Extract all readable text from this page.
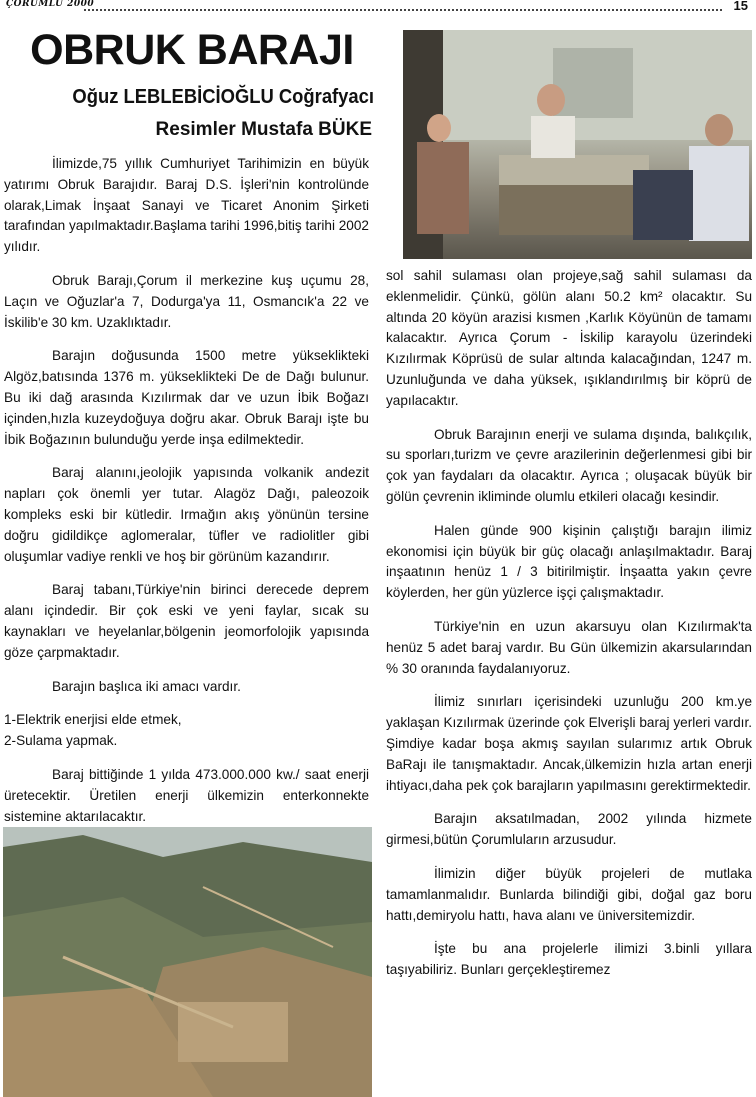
ÇORUMLU 2000	15
OBRUK BARAJI
Oğuz LEBLEBİCİOĞLU Coğrafyacı
Resimler Mustafa BÜKE

İlimizde,75 yıllık Cumhuriyet Tarihimizin en büyük yatırımı Obruk Barajıdır. Baraj D.S. İşleri'nin kontrolünde olarak,Limak İnşaat Sanayi ve Ticaret Anonim Şirketi tarafından yapılmaktadır.Başlama tarihi 1996,bitiş tarihi 2002 yılıdır.

Obruk Barajı,Çorum il merkezine kuş uçumu 28, Laçın ve Oğuzlar'a 7, Dodurga'ya 11, Osmancık'a 22 ve İskilib'e 30 km. Uzaklıktadır.

Barajın doğusunda 1500 metre yükseklikteki Algöz,batısında 1376 m. yükseklikteki De de Dağı bulunur. Bu iki dağ arasında Kızılırmak dar ve uzun İbik Boğazı içinden,hızla kuzeydoğuya doğru akar. Obruk Barajı işte bu İbik Boğazının bulunduğu yerde inşa edilmektedir.

Baraj alanını,jeolojik yapısında volkanik andezit napları çok önemli yer tutar. Alagöz Dağı, paleozoik kompleks eski bir kütledir. Irmağın akış yönünün tersine doğru gidildikçe aglomeralar, tüfler ve radiolitler gibi oluşumlar vadiye renkli ve hoş bir görünüm kazandırır.

Baraj tabanı,Türkiye'nin birinci derecede deprem alanı içindedir. Bir çok eski ve yeni faylar, sıcak su kaynakları ve heyelanlar,bölgenin jeomorfolojik yapısında göze çarpmaktadır.

Barajın başlıca iki amacı vardır.

1-Elektrik enerjisi elde etmek,
2-Sulama yapmak.

Baraj bittiğinde 1 yılda 473.000.000 kw./ saat enerji üretecektir. Üretilen enerji ülkemizin enterkonnekte sistemine aktarılacaktır.

sol sahil sulaması olan projeye,sağ sahil sulaması da eklenmelidir. Çünkü, gölün alanı 50.2 km² olacaktır. Su altında 20 köyün arazisi kısmen ,Karlık Köyünün de tamamı kalacaktır. Ayrıca Çorum - İskilip karayolu üzerindeki Kızılırmak Köprüsü de sular altında kalacağından, 1247 m. Uzunluğunda ve daha yüksek, ışıklandırılmış bir köprü de yapılacaktır.

Obruk Barajının enerji ve sulama dışında, balıkçılık, su sporları,turizm ve çevre arazilerinin değerlenmesi gibi bir çok yan faydaları da olacaktır. Ayrıca ; oluşacak büyük bir gölün çevrenin ikliminde olumlu etkileri olacağı kesindir.

Halen günde 900 kişinin çalıştığı barajın ilimiz ekonomisi için büyük bir güç olacağı anlaşılmaktadır. Baraj inşaatının henüz 1 / 3 bitirilmiştir. İnşaatta yakın çevre köylerden, her gün yüzlerce işçi çalışmaktadır.

Türkiye'nin en uzun akarsuyu olan Kızılırmak'ta henüz 5 adet baraj vardır. Bu Gün ülkemizin akarsularından % 30 oranında faydalanıyoruz.

İlimiz sınırları içerisindeki uzunluğu 200 km.ye yaklaşan Kızılırmak üzerinde çok Elverişli baraj yerleri vardır. Şimdiye kadar boşa akmış sayılan sularımız artık Obruk BaRajı ile tanışmaktadır. Ancak,ülkemizin hızla artan enerji ihtiyacı,daha pek çok barajların yapılmasını gerektirmektedir.

Barajın aksatılmadan, 2002 yılında hizmete girmesi,bütün Çorumluların arzusudur.

İlimizin diğer büyük projeleri de mutlaka tamamlanmalıdır. Bunlarda bilindiği gibi, doğal gaz boru hattı,demiryolu hattı, hava alanı ve üniversitemizdir.

İşte bu ana projelerle ilimizi 3.binli yıllara taşıyabiliriz. Bunları gerçekleştiremez
